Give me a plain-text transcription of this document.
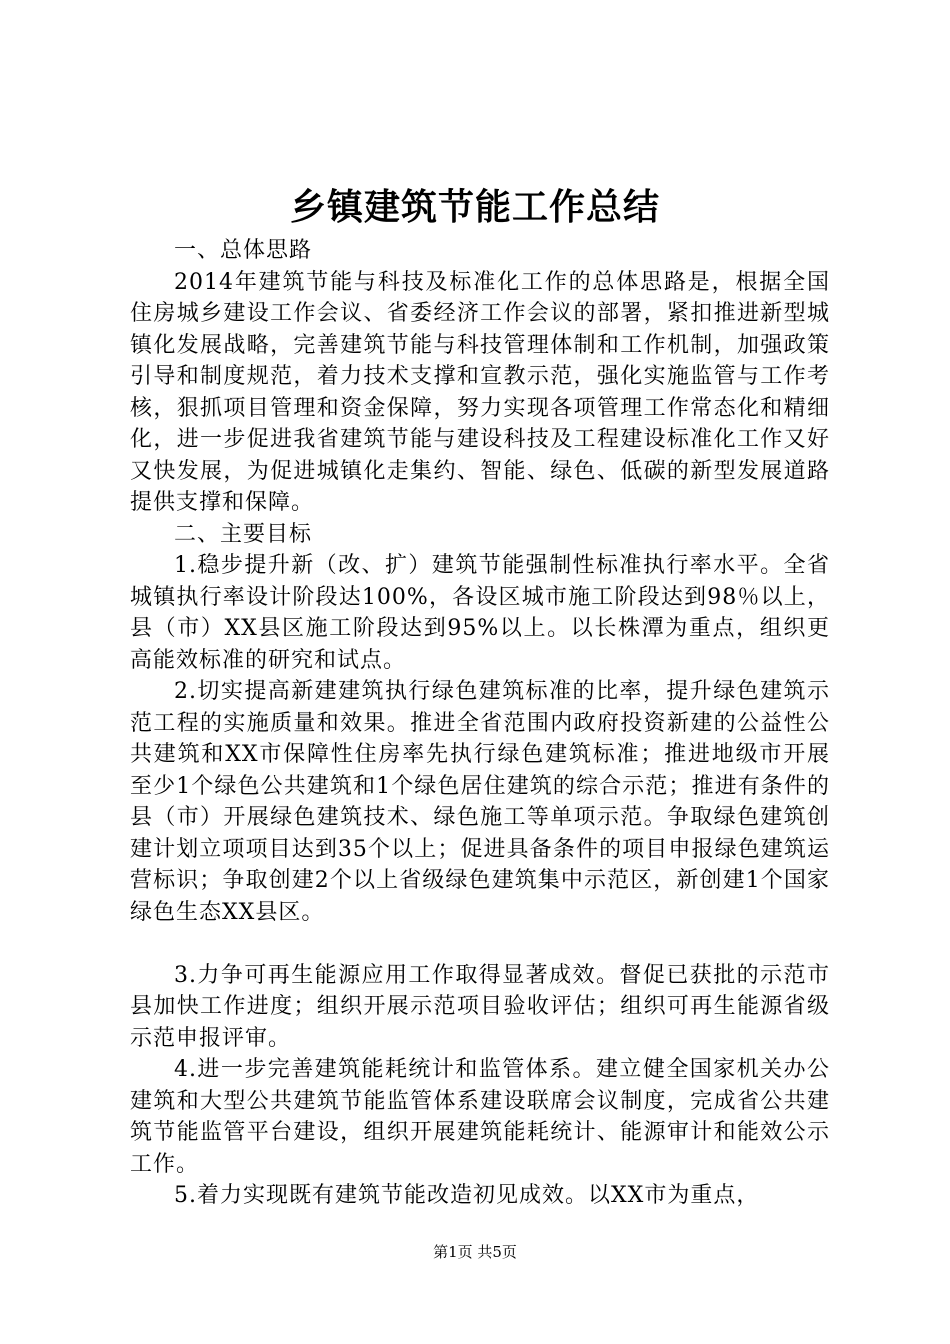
乡镇建筑节能工作总结

一、总体思路

2014年建筑节能与科技及标准化工作的总体思路是，根据全国住房城乡建设工作会议、省委经济工作会议的部署，紧扣推进新型城镇化发展战略，完善建筑节能与科技管理体制和工作机制，加强政策引导和制度规范，着力技术支撑和宣教示范，强化实施监管与工作考核，狠抓项目管理和资金保障，努力实现各项管理工作常态化和精细化，进一步促进我省建筑节能与建设科技及工程建设标准化工作又好又快发展，为促进城镇化走集约、智能、绿色、低碳的新型发展道路提供支撑和保障。

二、主要目标

1.稳步提升新（改、扩）建筑节能强制性标准执行率水平。全省城镇执行率设计阶段达100%，各设区城市施工阶段达到98％以上，县（市）XX县区施工阶段达到95%以上。以长株潭为重点，组织更高能效标准的研究和试点。

2.切实提高新建建筑执行绿色建筑标准的比率，提升绿色建筑示范工程的实施质量和效果。推进全省范围内政府投资新建的公益性公共建筑和XX市保障性住房率先执行绿色建筑标准；推进地级市开展至少1个绿色公共建筑和1个绿色居住建筑的综合示范；推进有条件的县（市）开展绿色建筑技术、绿色施工等单项示范。争取绿色建筑创建计划立项项目达到35个以上；促进具备条件的项目申报绿色建筑运营标识；争取创建2个以上省级绿色建筑集中示范区，新创建1个国家绿色生态XX县区。

3.力争可再生能源应用工作取得显著成效。督促已获批的示范市县加快工作进度；组织开展示范项目验收评估；组织可再生能源省级示范申报评审。

4.进一步完善建筑能耗统计和监管体系。建立健全国家机关办公建筑和大型公共建筑节能监管体系建设联席会议制度，完成省公共建筑节能监管平台建设，组织开展建筑能耗统计、能源审计和能效公示工作。

5.着力实现既有建筑节能改造初见成效。以XX市为重点，

第1页 共5页
